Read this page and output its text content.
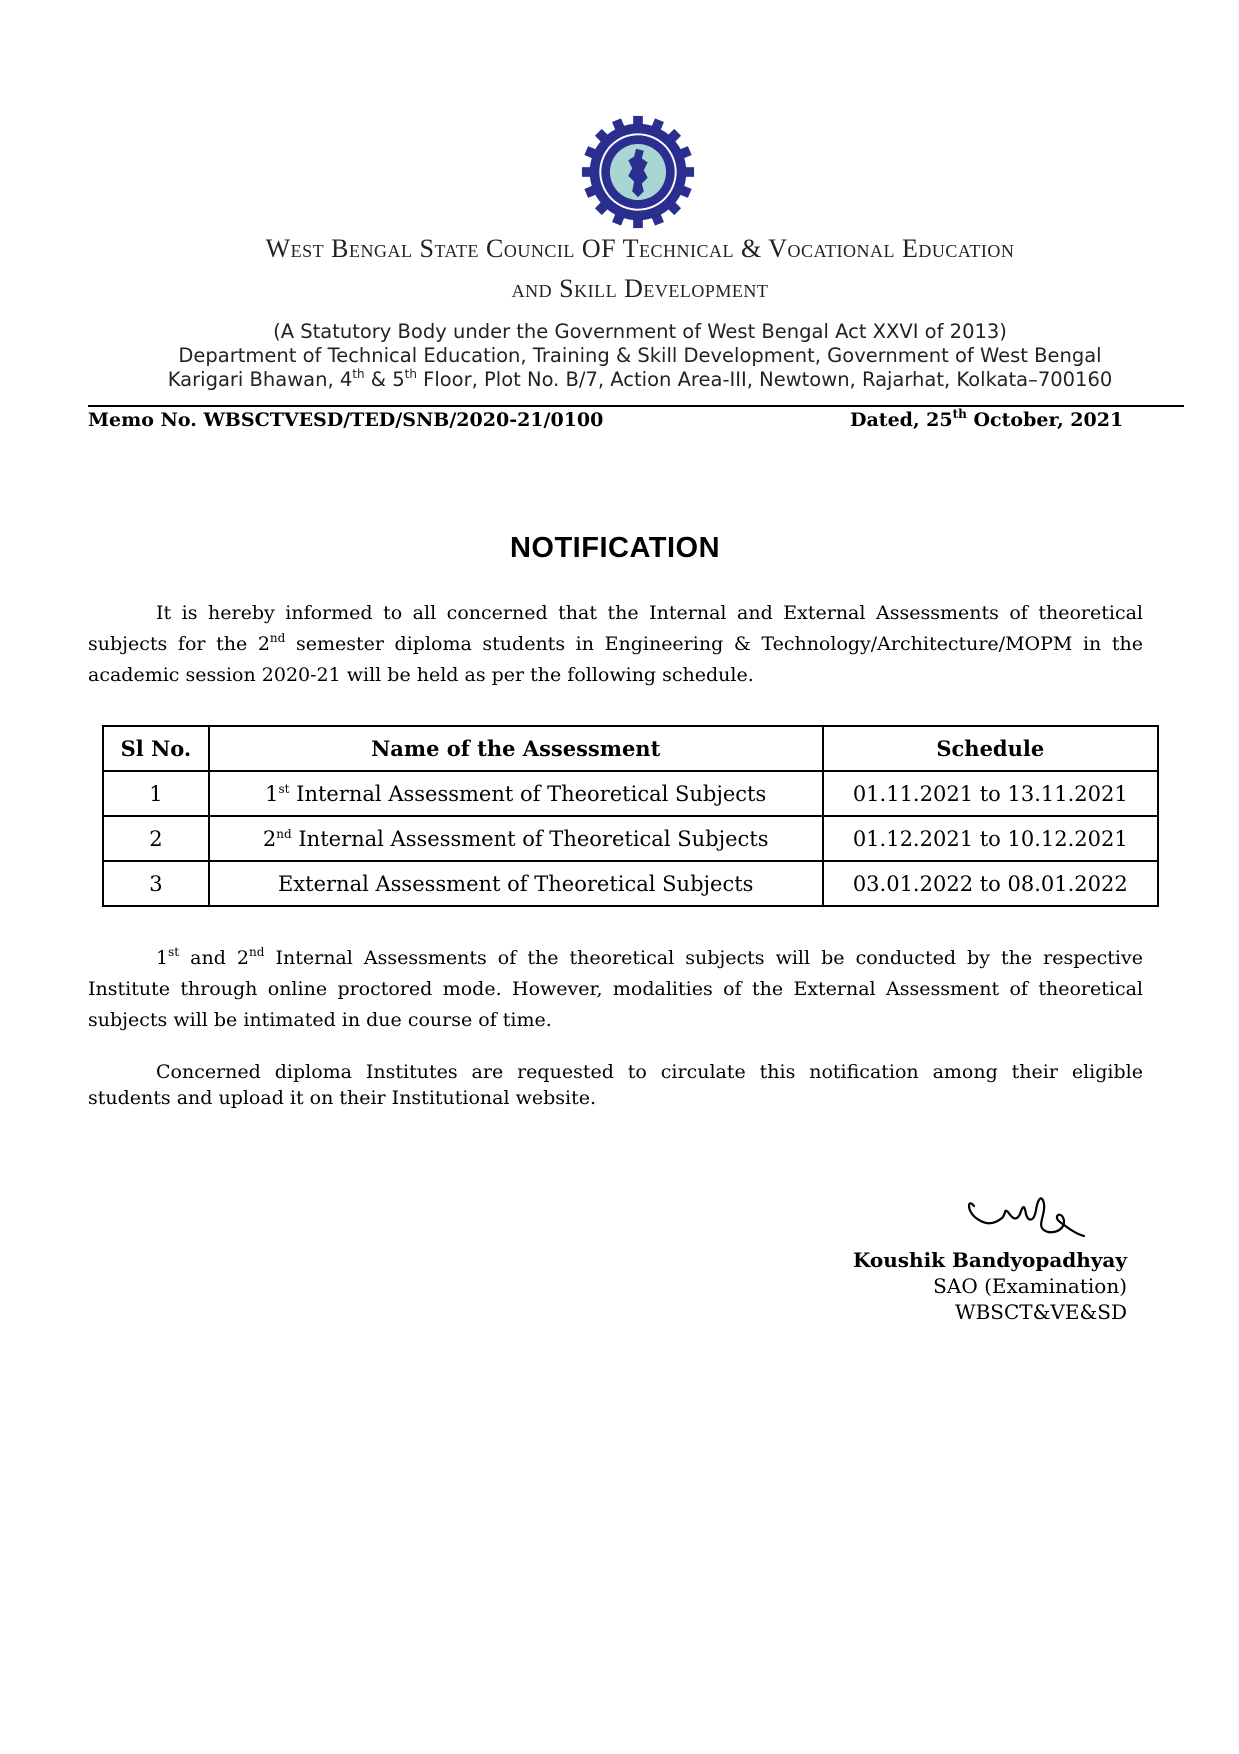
West Bengal State Council OF Technical & Vocational Education
and Skill Development
(A Statutory Body under the Government of West Bengal Act XXVI of 2013)
Department of Technical Education, Training & Skill Development, Government of West Bengal
Karigari Bhawan, 4th & 5th Floor, Plot No. B/7, Action Area-III, Newtown, Rajarhat, Kolkata–700160
Memo No. WBSCTVESD/TED/SNB/2020-21/0100	Dated, 25th October, 2021
NOTIFICATION
It is hereby informed to all concerned that the Internal and External Assessments of theoretical subjects for the 2nd semester diploma students in Engineering & Technology/Architecture/MOPM in the academic session 2020-21 will be held as per the following schedule.
Sl No.	Name of the Assessment	Schedule
1	1st Internal Assessment of Theoretical Subjects	01.11.2021 to 13.11.2021
2	2nd Internal Assessment of Theoretical Subjects	01.12.2021 to 10.12.2021
3	External Assessment of Theoretical Subjects	03.01.2022 to 08.01.2022
1st and 2nd Internal Assessments of the theoretical subjects will be conducted by the respective Institute through online proctored mode. However, modalities of the External Assessment of theoretical subjects will be intimated in due course of time.
Concerned diploma Institutes are requested to circulate this notification among their eligible students and upload it on their Institutional website.
Koushik Bandyopadhyay
SAO (Examination)
WBSCT&VE&SD
